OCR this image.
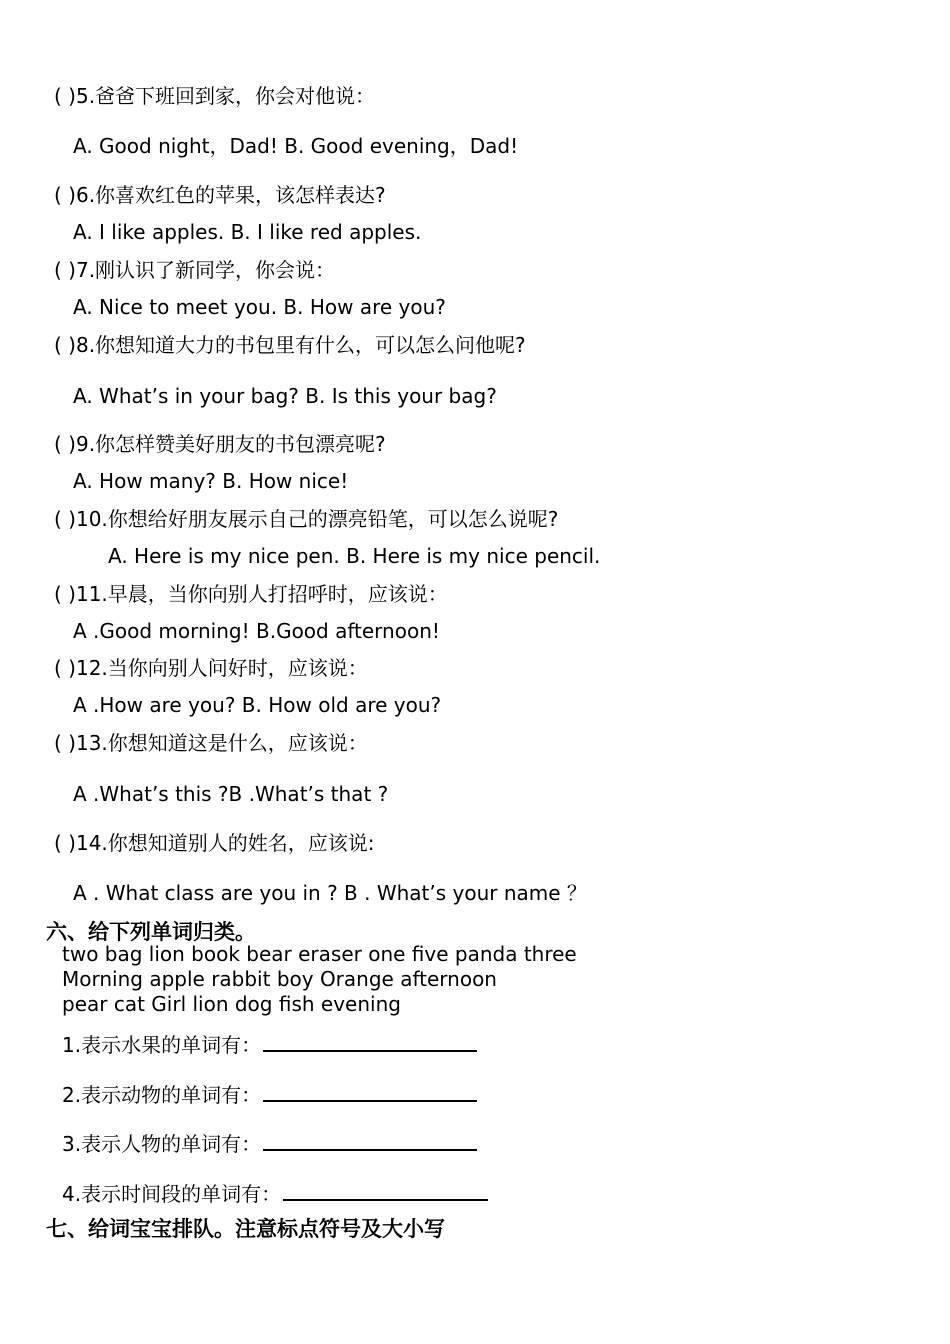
( )5.爸爸下班回到家，你会对他说：
A. Good night，Dad! B. Good evening，Dad!
( )6.你喜欢红色的苹果，该怎样表达?
A. I like apples. B. I like red apples.
( )7.刚认识了新同学，你会说：
A. Nice to meet you. B. How are you?
( )8.你想知道大力的书包里有什么，可以怎么问他呢?
A. What’s in your bag? B. Is this your bag?
( )9.你怎样赞美好朋友的书包漂亮呢?
A. How many? B. How nice!
( )10.你想给好朋友展示自己的漂亮铅笔，可以怎么说呢?
A. Here is my nice pen. B. Here is my nice pencil.
( )11.早晨，当你向别人打招呼时，应该说：
A .Good morning! B.Good afternoon!
( )12.当你向别人问好时，应该说：
A .How are you? B. How old are you?
( )13.你想知道这是什么，应该说：
A .What’s this ?B .What’s that ?
( )14.你想知道别人的姓名，应该说:
A . What class are you in ? B . What’s your name ？
六、给下列单词归类。
two bag lion book bear eraser one five panda three
Morning apple rabbit boy Orange afternoon
pear cat Girl lion dog fish evening
1.表示水果的单词有：
2.表示动物的单词有：
3.表示人物的单词有：
4.表示时间段的单词有：
七、给词宝宝排队。注意标点符号及大小写
